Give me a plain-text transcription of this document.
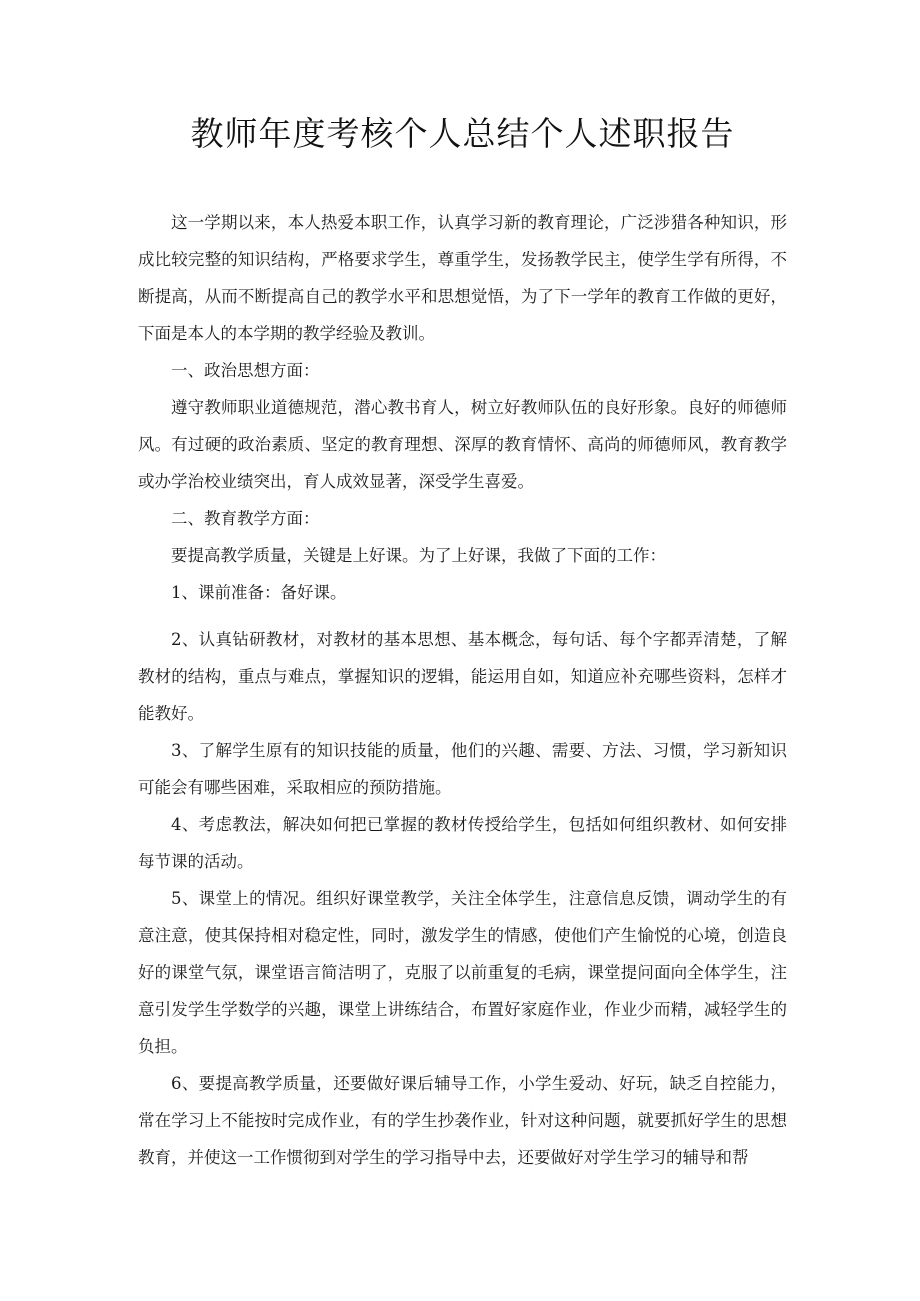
教师年度考核个人总结个人述职报告

这一学期以来，本人热爱本职工作，认真学习新的教育理论，广泛涉猎各种知识，形成比较完整的知识结构，严格要求学生，尊重学生，发扬教学民主，使学生学有所得，不断提高，从而不断提高自己的教学水平和思想觉悟，为了下一学年的教育工作做的更好，下面是本人的本学期的教学经验及教训。

一、政治思想方面：

遵守教师职业道德规范，潜心教书育人，树立好教师队伍的良好形象。良好的师德师风。有过硬的政治素质、坚定的教育理想、深厚的教育情怀、高尚的师德师风，教育教学或办学治校业绩突出，育人成效显著，深受学生喜爱。

二、教育教学方面：

要提高教学质量，关键是上好课。为了上好课，我做了下面的工作：

1、课前准备：备好课。

2、认真钻研教材，对教材的基本思想、基本概念，每句话、每个字都弄清楚，了解教材的结构，重点与难点，掌握知识的逻辑，能运用自如，知道应补充哪些资料，怎样才能教好。

3、了解学生原有的知识技能的质量，他们的兴趣、需要、方法、习惯，学习新知识可能会有哪些困难，采取相应的预防措施。

4、考虑教法，解决如何把已掌握的教材传授给学生，包括如何组织教材、如何安排每节课的活动。

5、课堂上的情况。组织好课堂教学，关注全体学生，注意信息反馈，调动学生的有意注意，使其保持相对稳定性，同时，激发学生的情感，使他们产生愉悦的心境，创造良好的课堂气氛，课堂语言简洁明了，克服了以前重复的毛病，课堂提问面向全体学生，注意引发学生学数学的兴趣，课堂上讲练结合，布置好家庭作业，作业少而精，减轻学生的负担。

6、要提高教学质量，还要做好课后辅导工作，小学生爱动、好玩，缺乏自控能力，常在学习上不能按时完成作业，有的学生抄袭作业，针对这种问题，就要抓好学生的思想教育，并使这一工作惯彻到对学生的学习指导中去，还要做好对学生学习的辅导和帮
